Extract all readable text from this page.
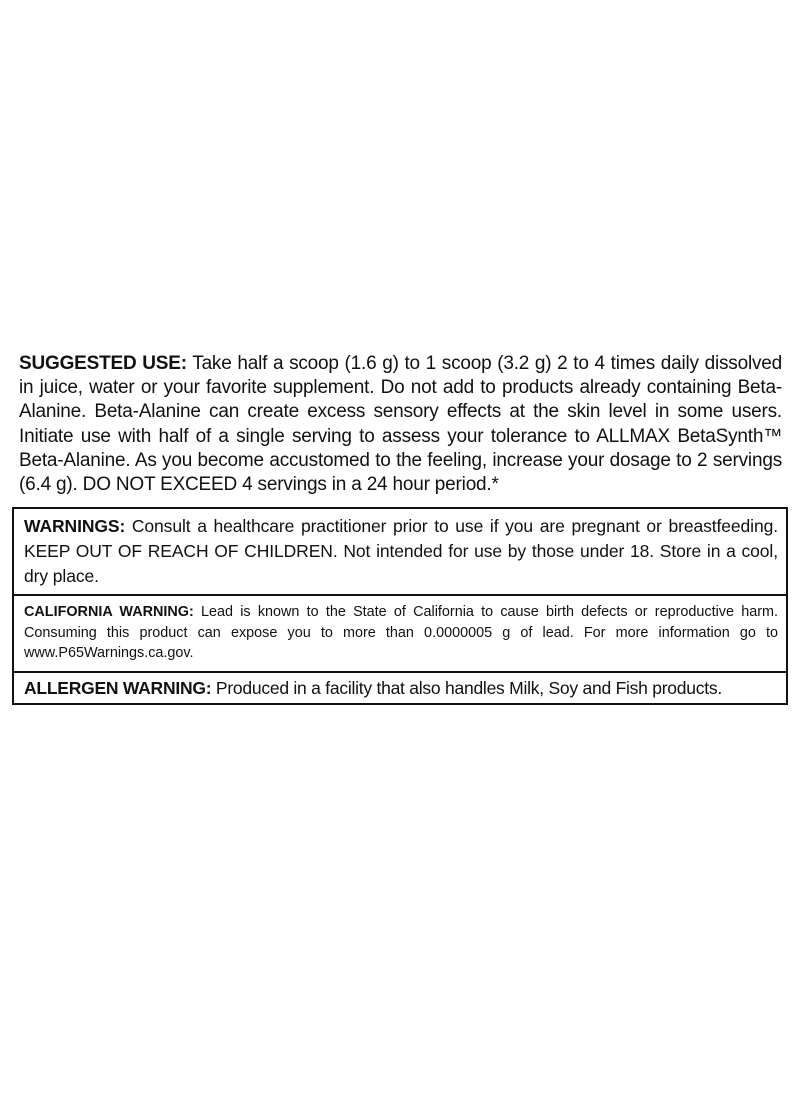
SUGGESTED USE: Take half a scoop (1.6 g) to 1 scoop (3.2 g) 2 to 4 times daily dissolved in juice, water or your favorite supplement. Do not add to products already containing Beta-Alanine. Beta-Alanine can create excess sensory effects at the skin level in some users. Initiate use with half of a single serving to assess your tolerance to ALLMAX BetaSynth™ Beta-Alanine. As you become accustomed to the feeling, increase your dosage to 2 servings (6.4 g). DO NOT EXCEED 4 servings in a 24 hour period.*
WARNINGS: Consult a healthcare practitioner prior to use if you are pregnant or breastfeeding. KEEP OUT OF REACH OF CHILDREN. Not intended for use by those under 18. Store in a cool, dry place.
CALIFORNIA WARNING: Lead is known to the State of California to cause birth defects or reproductive harm. Consuming this product can expose you to more than 0.0000005 g of lead. For more information go to www.P65Warnings.ca.gov.
ALLERGEN WARNING: Produced in a facility that also handles Milk, Soy and Fish products.
